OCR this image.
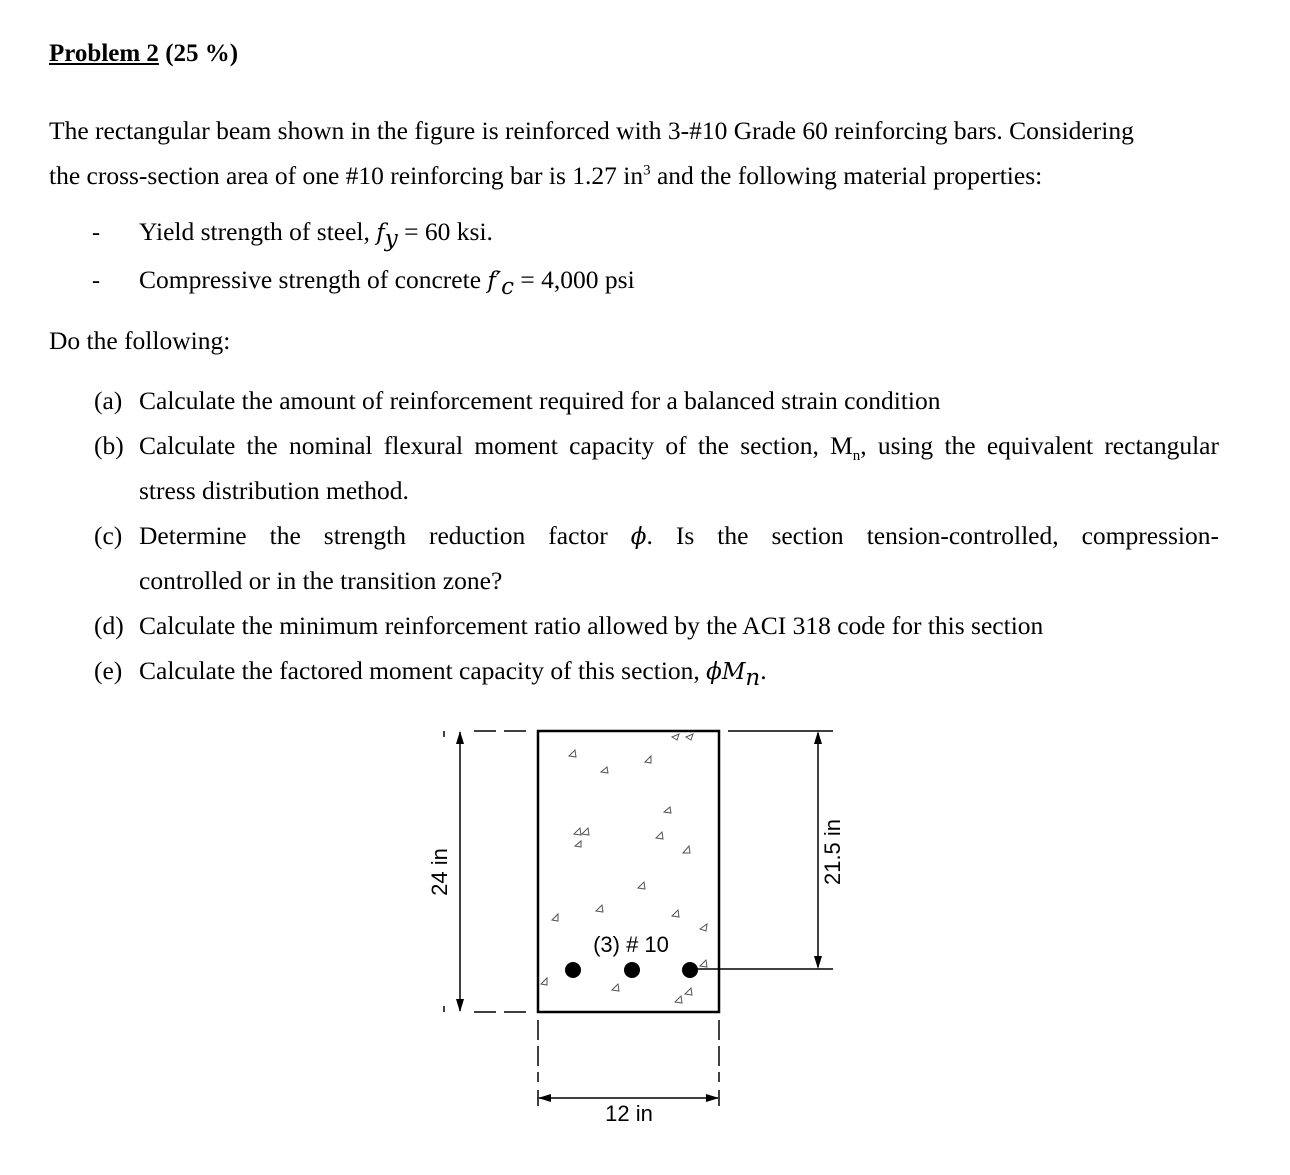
Problem 2 (25 %)
The rectangular beam shown in the figure is reinforced with 3-#10 Grade 60 reinforcing bars. Considering
the cross-section area of one #10 reinforcing bar is 1.27 $in^3$ and the following material properties:
- Yield strength of steel, $f_y = 60$ ksi.
- Compressive strength of concrete $f'_c = 4,000$ psi
Do the following:
(a) Calculate the amount of reinforcement required for a balanced strain condition
(b) Calculate the nominal flexural moment capacity of the section, $M_n$, using the equivalent rectangular
stress distribution method.
(c) Determine the strength reduction factor ϕ. Is the section tension-controlled, compression-
controlled or in the transition zone?
(d) Calculate the minimum reinforcement ratio allowed by the ACI 318 code for this section
(e) Calculate the factored moment capacity of this section, $\phi M_n$.
24 in	21.5 in
12 in
(3) # 10
